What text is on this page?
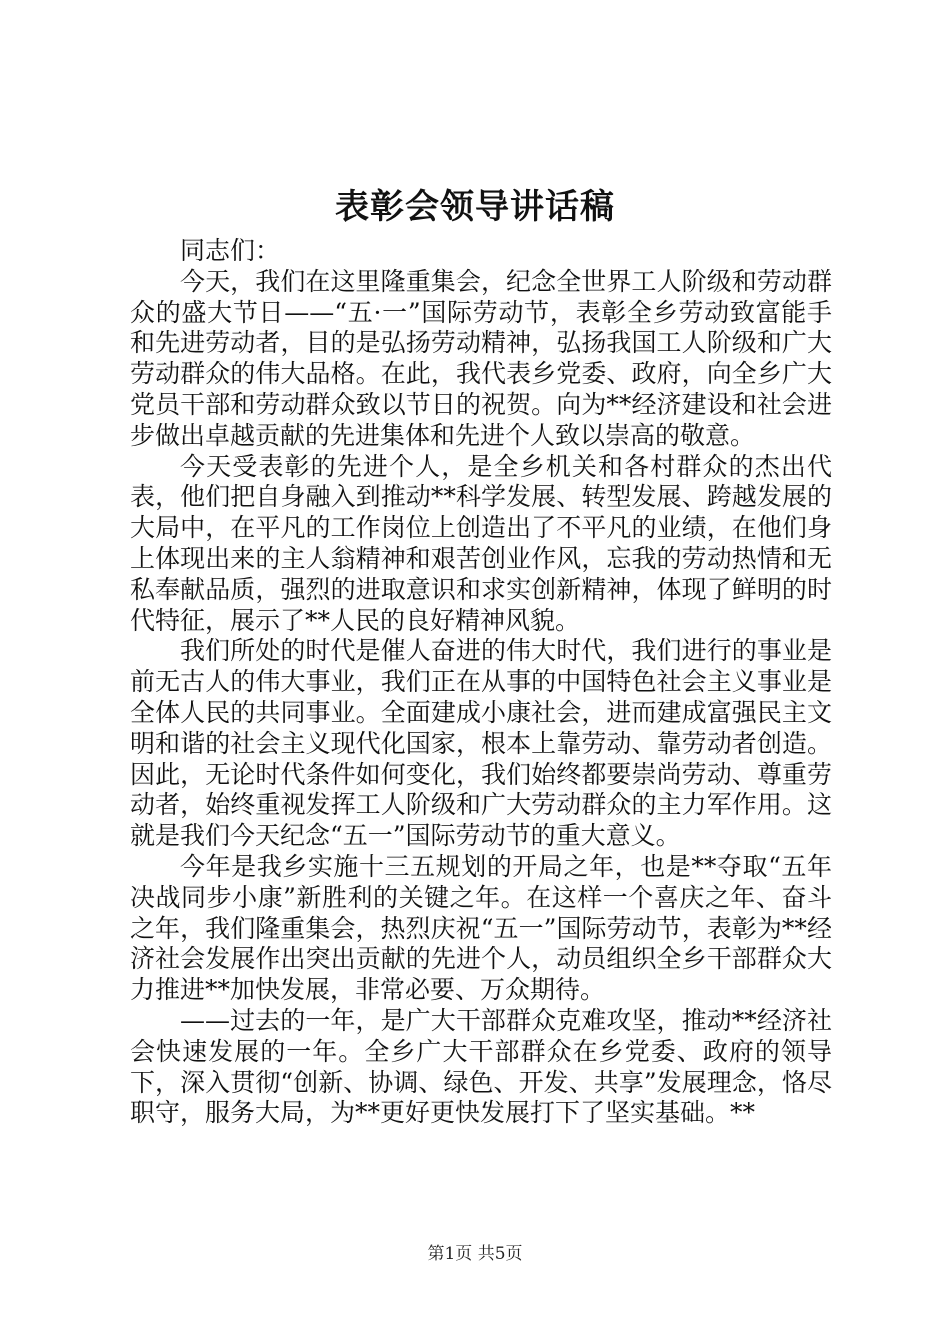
表彰会领导讲话稿

同志们：

今天，我们在这里隆重集会，纪念全世界工人阶级和劳动群众的盛大节日——“五·一”国际劳动节，表彰全乡劳动致富能手和先进劳动者，目的是弘扬劳动精神，弘扬我国工人阶级和广大劳动群众的伟大品格。在此，我代表乡党委、政府，向全乡广大党员干部和劳动群众致以节日的祝贺。向为**经济建设和社会进步做出卓越贡献的先进集体和先进个人致以崇高的敬意。

今天受表彰的先进个人，是全乡机关和各村群众的杰出代表，他们把自身融入到推动**科学发展、转型发展、跨越发展的大局中，在平凡的工作岗位上创造出了不平凡的业绩，在他们身上体现出来的主人翁精神和艰苦创业作风，忘我的劳动热情和无私奉献品质，强烈的进取意识和求实创新精神，体现了鲜明的时代特征，展示了**人民的良好精神风貌。

我们所处的时代是催人奋进的伟大时代，我们进行的事业是前无古人的伟大事业，我们正在从事的中国特色社会主义事业是全体人民的共同事业。全面建成小康社会，进而建成富强民主文明和谐的社会主义现代化国家，根本上靠劳动、靠劳动者创造。因此，无论时代条件如何变化，我们始终都要崇尚劳动、尊重劳动者，始终重视发挥工人阶级和广大劳动群众的主力军作用。这就是我们今天纪念“五一”国际劳动节的重大意义。

今年是我乡实施十三五规划的开局之年，也是**夺取“五年决战同步小康”新胜利的关键之年。在这样一个喜庆之年、奋斗之年，我们隆重集会，热烈庆祝“五一”国际劳动节，表彰为**经济社会发展作出突出贡献的先进个人，动员组织全乡干部群众大力推进**加快发展，非常必要、万众期待。

——过去的一年，是广大干部群众克难攻坚，推动**经济社会快速发展的一年。全乡广大干部群众在乡党委、政府的领导下，深入贯彻“创新、协调、绿色、开发、共享”发展理念，恪尽职守，服务大局，为**更好更快发展打下了坚实基础。**

第1页 共5页
